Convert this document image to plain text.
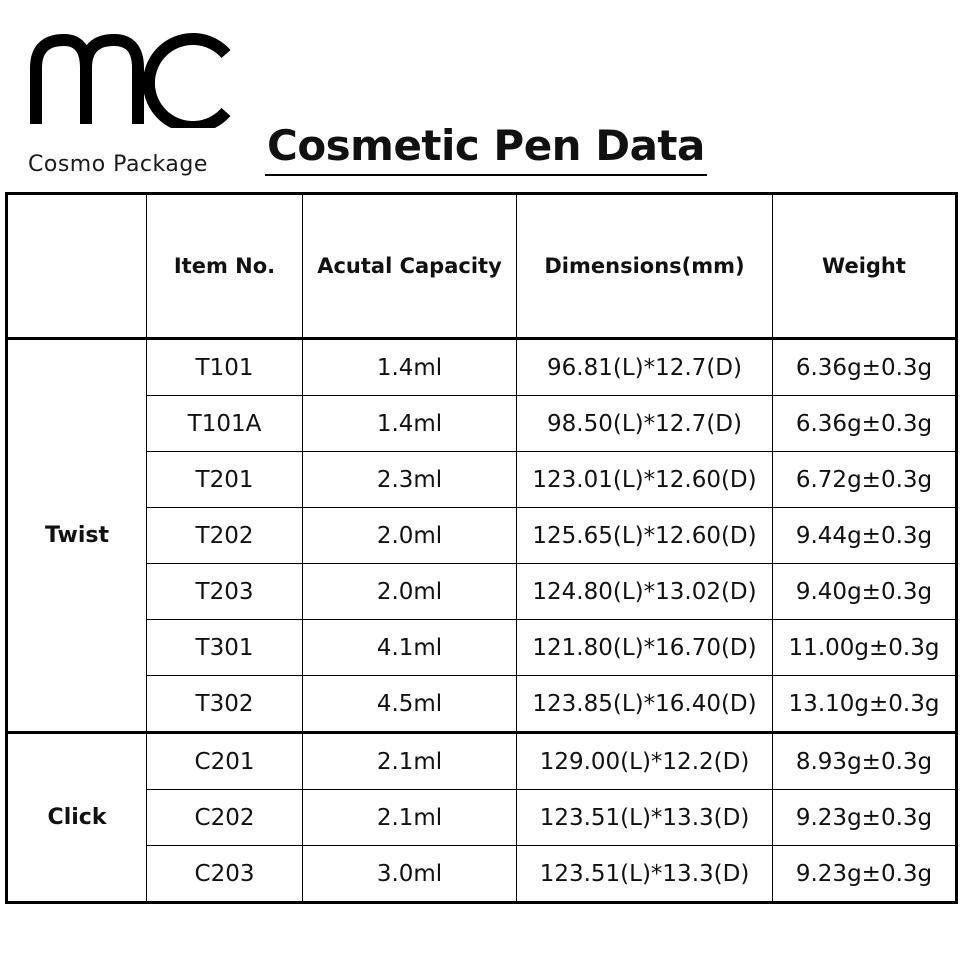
Cosmo Package	Cosmetic Pen Data
	Item No.	Acutal Capacity	Dimensions(mm)	Weight
Twist	T101	1.4ml	96.81(L)*12.7(D)	6.36g±0.3g
	T101A	1.4ml	98.50(L)*12.7(D)	6.36g±0.3g
	T201	2.3ml	123.01(L)*12.60(D)	6.72g±0.3g
	T202	2.0ml	125.65(L)*12.60(D)	9.44g±0.3g
	T203	2.0ml	124.80(L)*13.02(D)	9.40g±0.3g
	T301	4.1ml	121.80(L)*16.70(D)	11.00g±0.3g
	T302	4.5ml	123.85(L)*16.40(D)	13.10g±0.3g
Click	C201	2.1ml	129.00(L)*12.2(D)	8.93g±0.3g
	C202	2.1ml	123.51(L)*13.3(D)	9.23g±0.3g
	C203	3.0ml	123.51(L)*13.3(D)	9.23g±0.3g
